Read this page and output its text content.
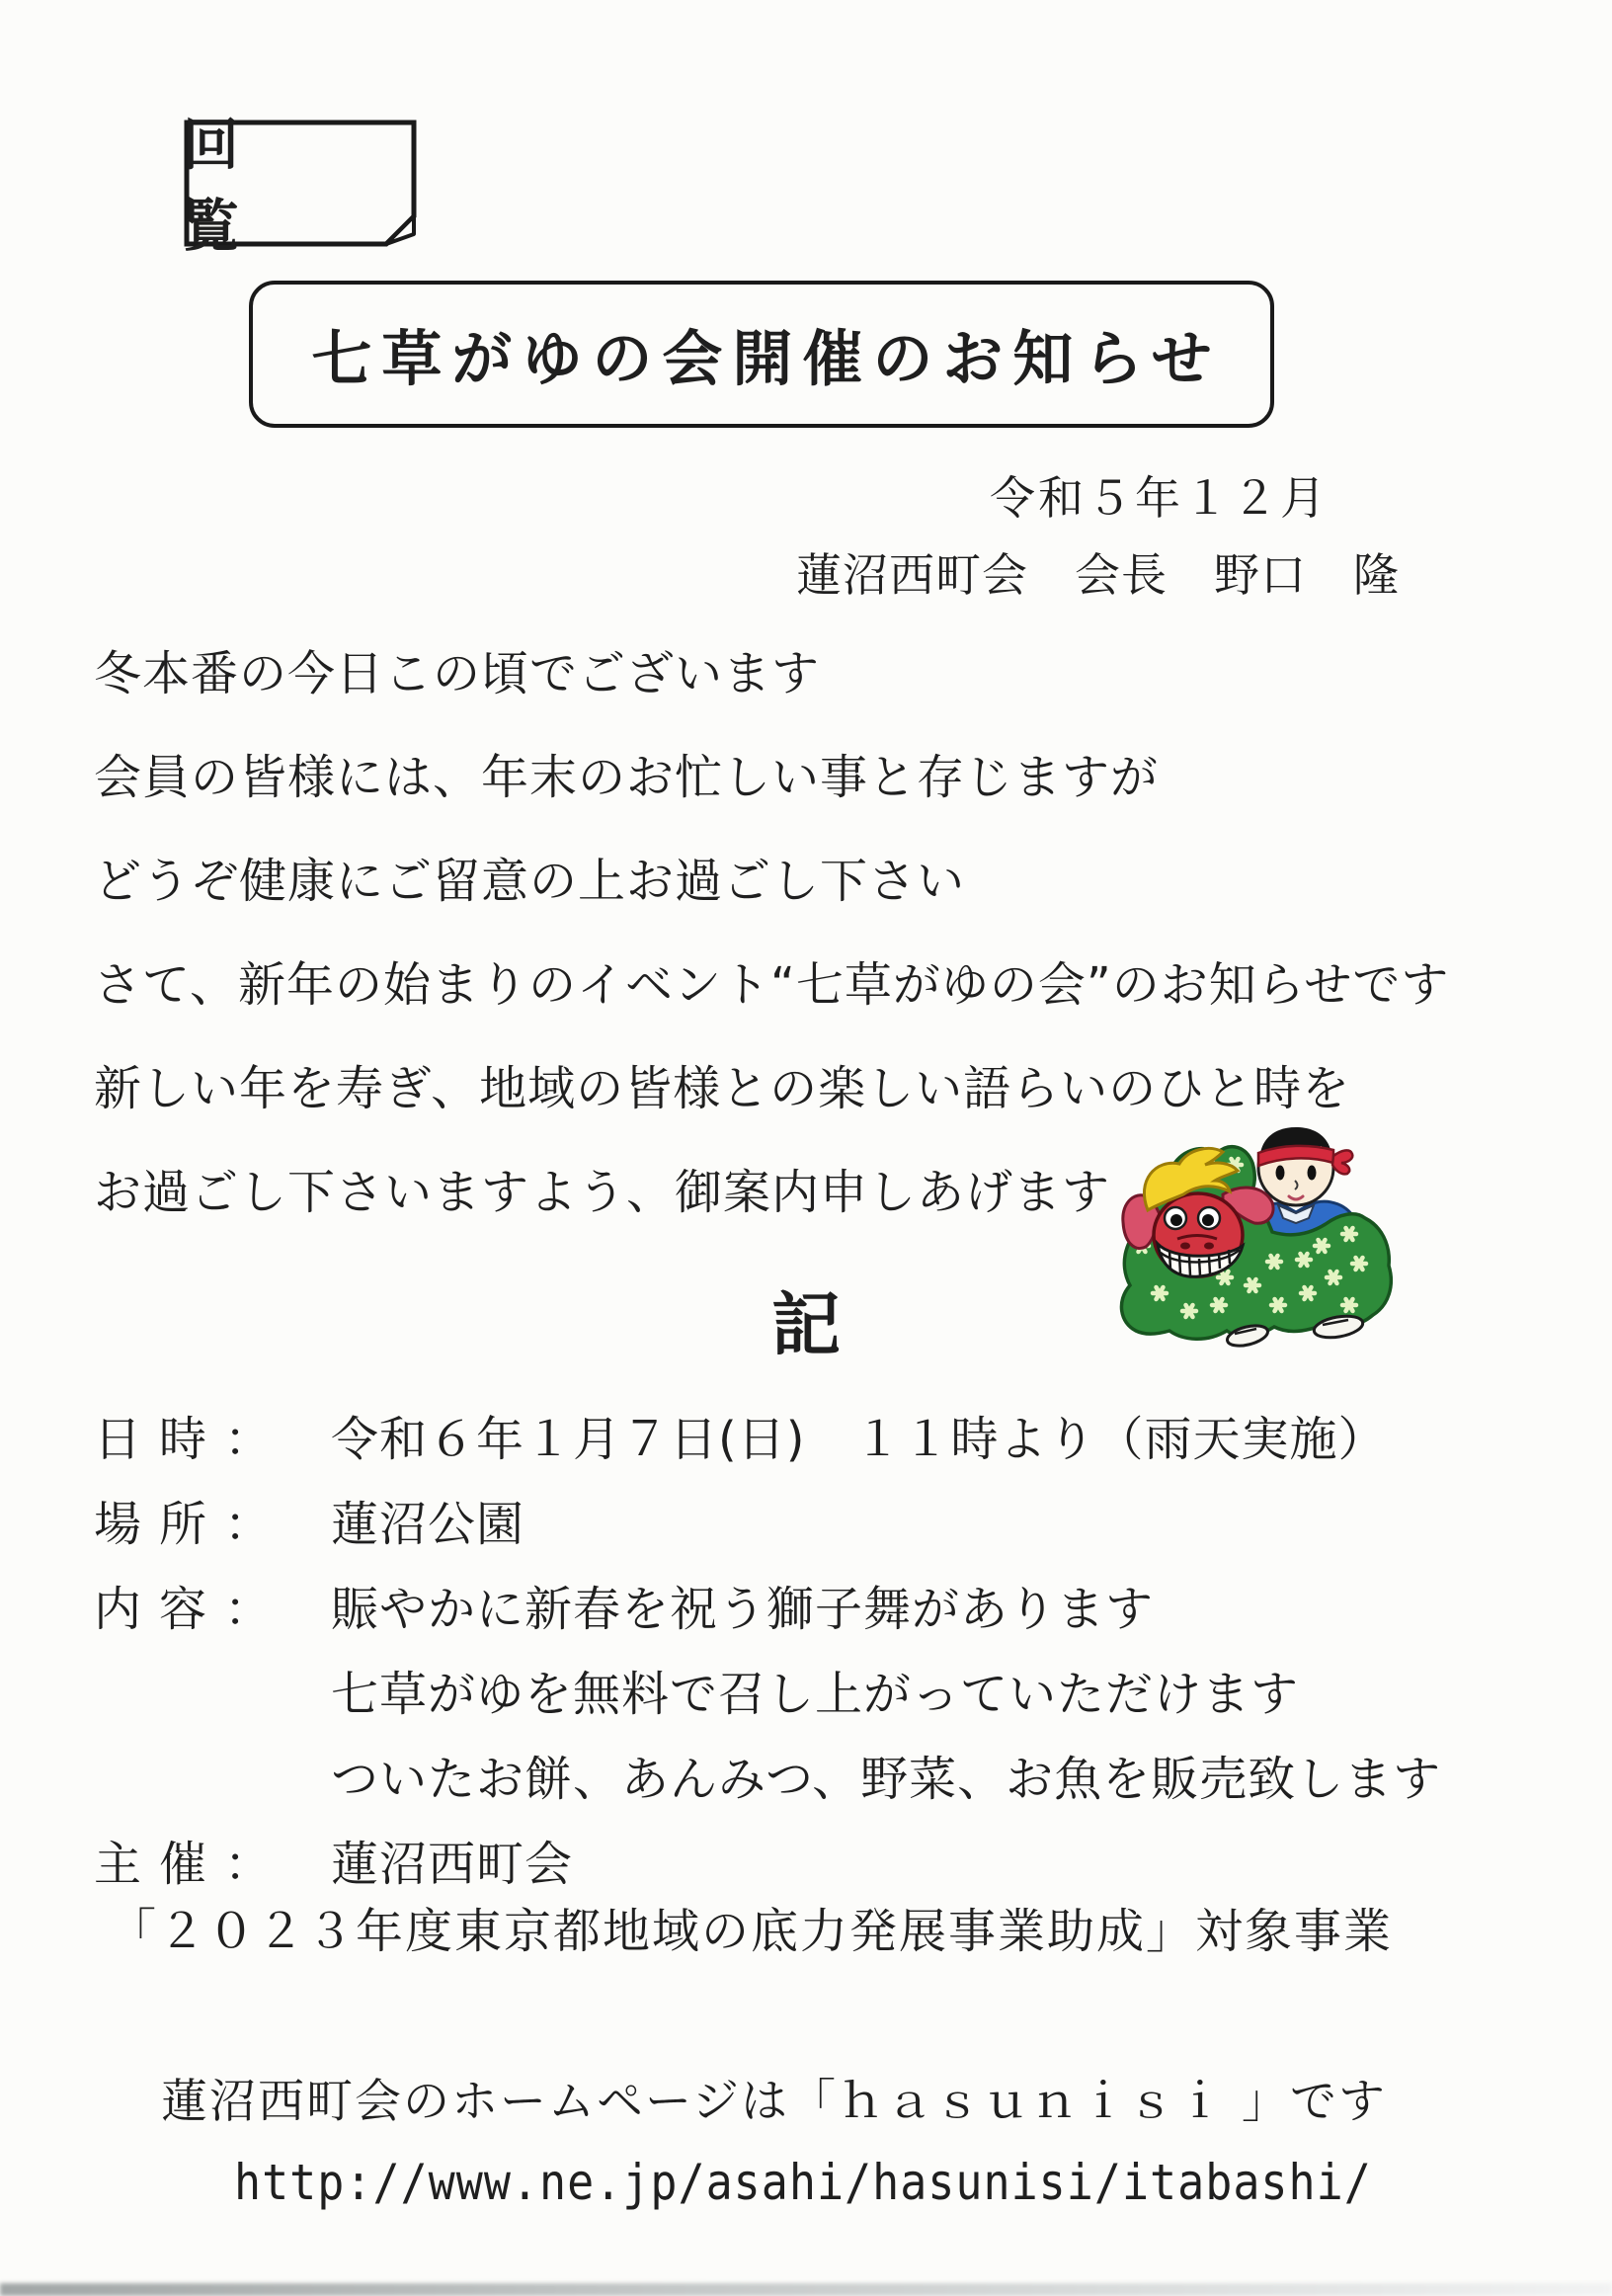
回　覧
七草がゆの会開催のお知らせ
令和５年１２月
蓮沼西町会　会長　野口　隆
冬本番の今日この頃でございます
会員の皆様には、年末のお忙しい事と存じますが
どうぞ健康にご留意の上お過ごし下さい
さて、新年の始まりのイベント“七草がゆの会”のお知らせです
新しい年を寿ぎ、地域の皆様との楽しい語らいのひと時を
お過ごし下さいますよう、御案内申しあげます
記
日時： 令和６年１月７日(日)　１１時より（雨天実施）
場所： 蓮沼公園
内容： 賑やかに新春を祝う獅子舞があります
七草がゆを無料で召し上がっていただけます
ついたお餅、あんみつ、野菜、お魚を販売致します
主催： 蓮沼西町会
「２０２３年度東京都地域の底力発展事業助成」対象事業
蓮沼西町会のホームページは「ｈａｓｕｎｉｓｉ 」です
http://www.ne.jp/asahi/hasunisi/itabashi/
